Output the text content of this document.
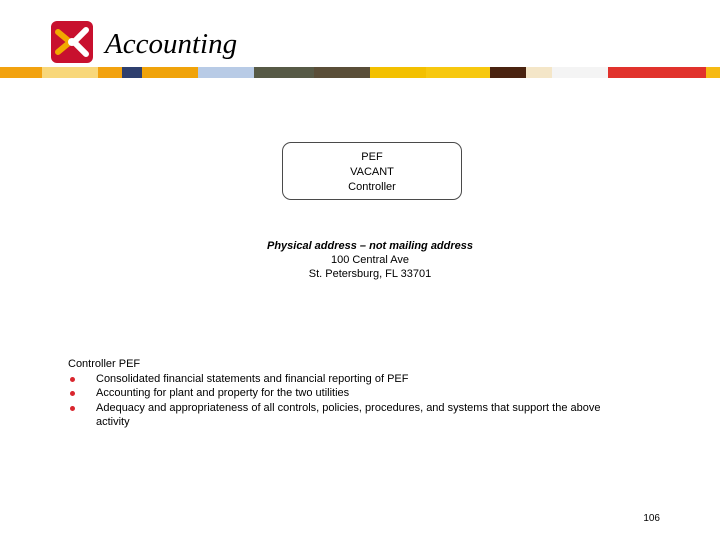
Accounting
PEF
VACANT
Controller
Physical address – not mailing address
100 Central Ave
St. Petersburg, FL 33701
Controller PEF
Consolidated financial statements and financial reporting of PEF
Accounting for plant and property for the two utilities
Adequacy and appropriateness of all controls, policies, procedures, and systems that support the above activity
106
